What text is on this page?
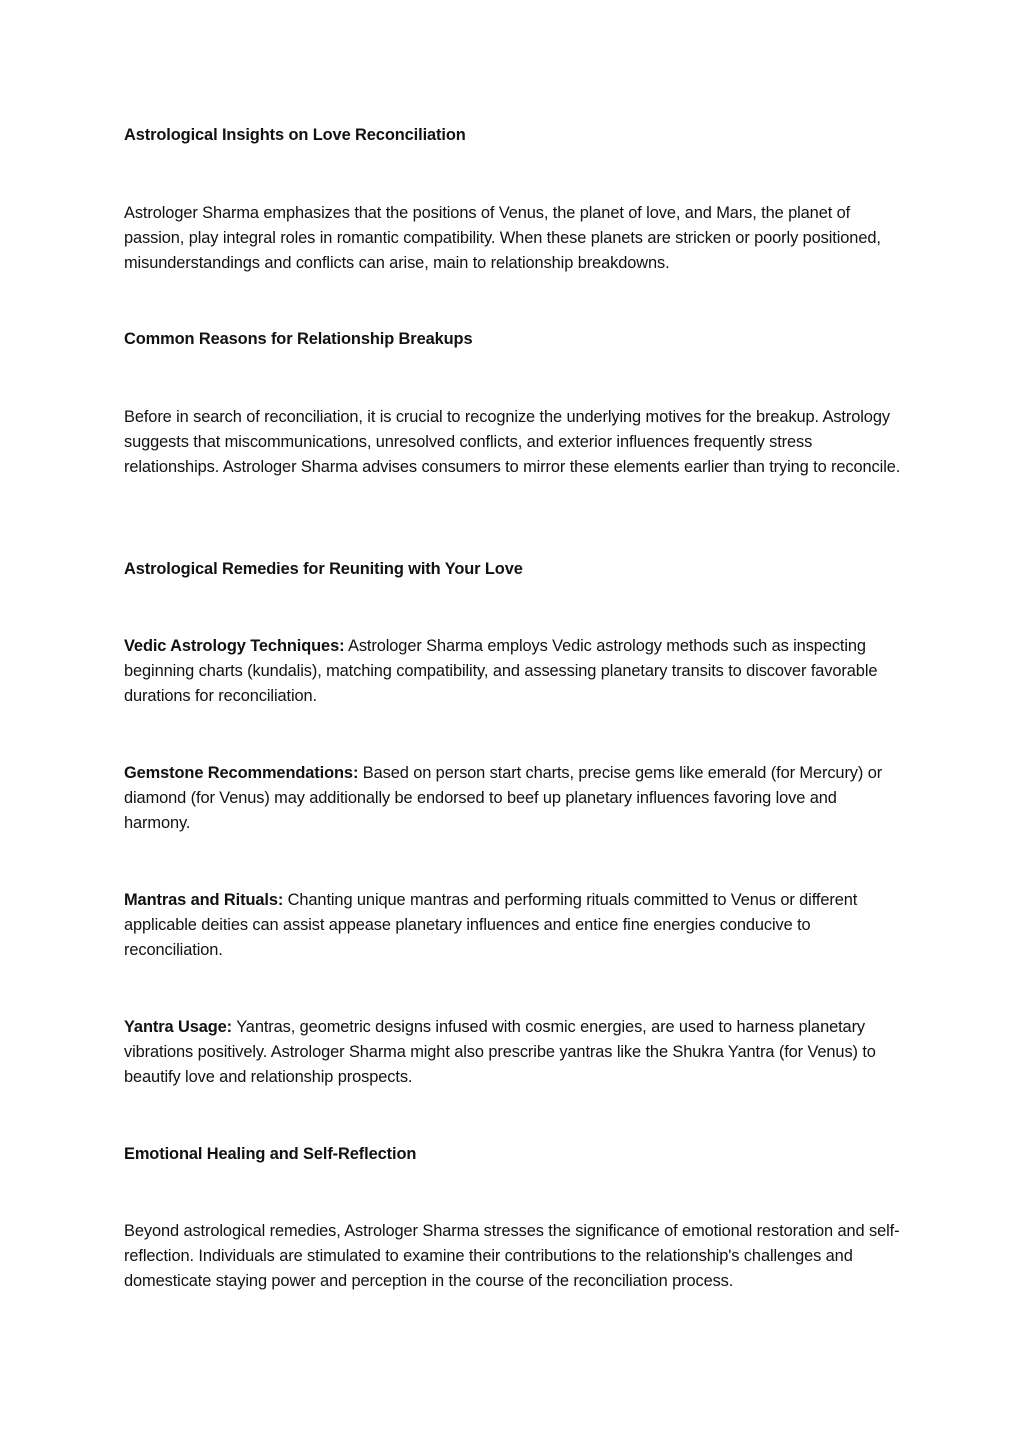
Astrological Insights on Love Reconciliation

Astrologer Sharma emphasizes that the positions of Venus, the planet of love, and Mars, the planet of passion, play integral roles in romantic compatibility. When these planets are stricken or poorly positioned, misunderstandings and conflicts can arise, main to relationship breakdowns.

Common Reasons for Relationship Breakups

Before in search of reconciliation, it is crucial to recognize the underlying motives for the breakup. Astrology suggests that miscommunications, unresolved conflicts, and exterior influences frequently stress relationships. Astrologer Sharma advises consumers to mirror these elements earlier than trying to reconcile.

Astrological Remedies for Reuniting with Your Love

Vedic Astrology Techniques: Astrologer Sharma employs Vedic astrology methods such as inspecting beginning charts (kundalis), matching compatibility, and assessing planetary transits to discover favorable durations for reconciliation.

Gemstone Recommendations: Based on person start charts, precise gems like emerald (for Mercury) or diamond (for Venus) may additionally be endorsed to beef up planetary influences favoring love and harmony.

Mantras and Rituals: Chanting unique mantras and performing rituals committed to Venus or different applicable deities can assist appease planetary influences and entice fine energies conducive to reconciliation.

Yantra Usage: Yantras, geometric designs infused with cosmic energies, are used to harness planetary vibrations positively. Astrologer Sharma might also prescribe yantras like the Shukra Yantra (for Venus) to beautify love and relationship prospects.

Emotional Healing and Self-Reflection

Beyond astrological remedies, Astrologer Sharma stresses the significance of emotional restoration and self-reflection. Individuals are stimulated to examine their contributions to the relationship's challenges and domesticate staying power and perception in the course of the reconciliation process.
